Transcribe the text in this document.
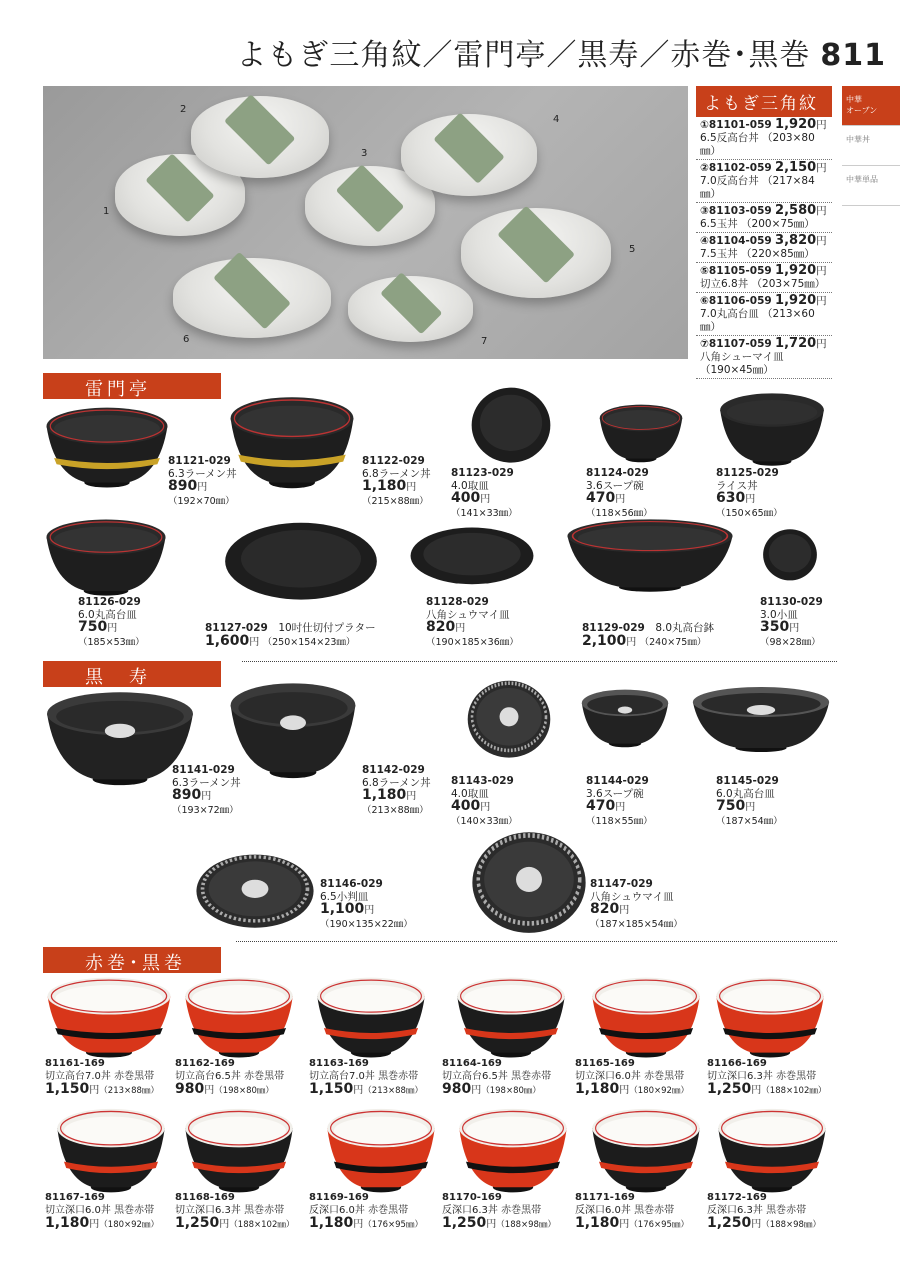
よもぎ三角紋／雷門亭／黒寿／赤巻･黒巻 811
1
2
3
4
5
6	7
よもぎ三角紋
①81101-059 1,920円
6.5反高台丼 （203×80㎜）
②81102-059 2,150円
7.0反高台丼 （217×84㎜）
③81103-059 2,580円
6.5玉丼 （200×75㎜）
④81104-059 3,820円
7.5玉丼 （220×85㎜）
⑤81105-059 1,920円
切立6.8丼 （203×75㎜）
⑥81106-059 1,920円
7.0丸高台皿 （213×60㎜）
⑦81107-059 1,720円
八角シューマイ皿 （190×45㎜）
中華
オーブン
中華丼
中華単品
雷門亭
黒　寿
赤巻･黒巻
81121-029
6.3ラーメン丼
890円
（192×70㎜）
81122-029
6.8ラーメン丼
1,180円
（215×88㎜）
81123-029
4.0取皿
400円
（141×33㎜）
81124-029
3.6スープ碗
470円
（118×56㎜）
81125-029
ライス丼
630円
（150×65㎜）
81126-029
6.0丸高台皿
750円
（185×53㎜）
81127-029　 10吋仕切付プラター
1,600円 （250×154×23㎜）
81128-029
八角シュウマイ皿
820円
（190×185×36㎜）
81129-029　 8.0丸高台鉢
2,100円 （240×75㎜）
81130-029
3.0小皿
350円
（98×28㎜）
81141-029
6.3ラーメン丼
890円
（193×72㎜）
81142-029
6.8ラーメン丼
1,180円
（213×88㎜）
81143-029
4.0取皿
400円
（140×33㎜）
81144-029
3.6スープ碗
470円
（118×55㎜）
81145-029
6.0丸高台皿
750円
（187×54㎜）
81146-029
6.5小判皿
1,100円
（190×135×22㎜）
81147-029
八角シュウマイ皿
820円
（187×185×54㎜）
81161-169
切立高台7.0丼 赤巻黒帯
1,150円（213×88㎜）
81162-169
切立高台6.5丼 赤巻黒帯
980円（198×80㎜）
81163-169
切立高台7.0丼 黒巻赤帯
1,150円（213×88㎜）
81164-169
切立高台6.5丼 黒巻赤帯
980円（198×80㎜）
81165-169
切立深口6.0丼 赤巻黒帯
1,180円（180×92㎜）
81166-169
切立深口6.3丼 赤巻黒帯
1,250円（188×102㎜）
81167-169
切立深口6.0丼 黒巻赤帯
1,180円（180×92㎜）
81168-169
切立深口6.3丼 黒巻赤帯
1,250円（188×102㎜）
81169-169
反深口6.0丼 赤巻黒帯
1,180円（176×95㎜）
81170-169
反深口6.3丼 赤巻黒帯
1,250円（188×98㎜）
81171-169
反深口6.0丼 黒巻赤帯
1,180円（176×95㎜）
81172-169
反深口6.3丼 黒巻赤帯
1,250円（188×98㎜）
